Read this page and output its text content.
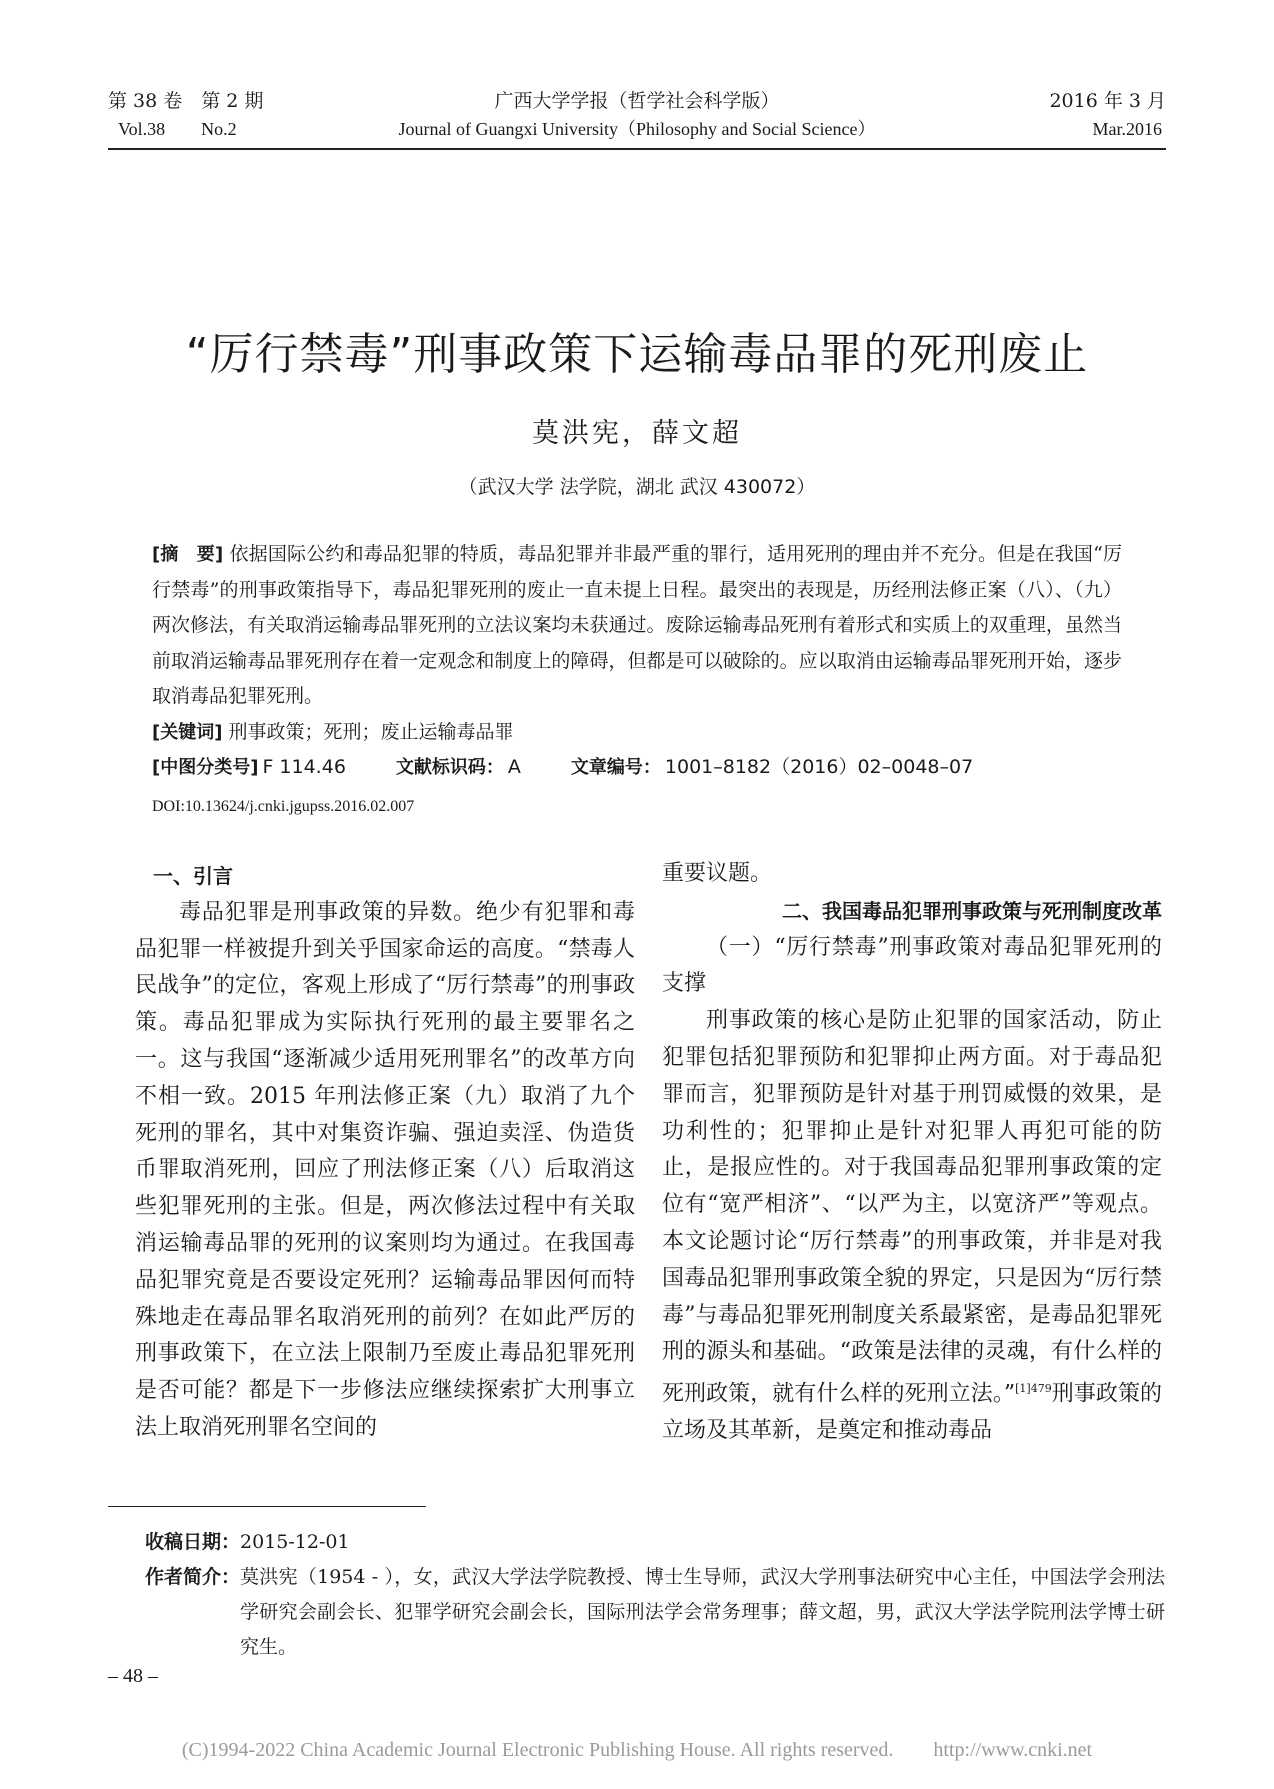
第 38 卷　第 2 期
Vol.38　　No.2
广西大学学报（哲学社会科学版）
Journal of Guangxi University（Philosophy and Social Science）
2016 年 3 月
Mar.2016
“厉行禁毒”刑事政策下运输毒品罪的死刑废止
莫洪宪，薛文超
（武汉大学 法学院，湖北 武汉 430072）

[摘　要] 依据国际公约和毒品犯罪的特质，毒品犯罪并非最严重的罪行，适用死刑的理由并不充分。但是在我国“厉行禁毒”的刑事政策指导下，毒品犯罪死刑的废止一直未提上日程。最突出的表现是，历经刑法修正案（八）、（九）两次修法，有关取消运输毒品罪死刑的立法议案均未获通过。废除运输毒品死刑有着形式和实质上的双重理，虽然当前取消运输毒品罪死刑存在着一定观念和制度上的障碍，但都是可以破除的。应以取消由运输毒品罪死刑开始，逐步取消毒品犯罪死刑。

[关键词] 刑事政策；死刑；废止运输毒品罪

[中图分类号] F 114.46	文献标识码： A	文章编号： 1001–8182（2016）02–0048–07

DOI:10.13624/j.cnki.jgupss.2016.02.007

一、引言

毒品犯罪是刑事政策的异数。绝少有犯罪和毒品犯罪一样被提升到关乎国家命运的高度。“禁毒人民战争”的定位，客观上形成了“厉行禁毒”的刑事政策。毒品犯罪成为实际执行死刑的最主要罪名之一。这与我国“逐渐减少适用死刑罪名”的改革方向不相一致。2015 年刑法修正案（九）取消了九个死刑的罪名，其中对集资诈骗、强迫卖淫、伪造货币罪取消死刑，回应了刑法修正案（八）后取消这些犯罪死刑的主张。但是，两次修法过程中有关取消运输毒品罪的死刑的议案则均为通过。在我国毒品犯罪究竟是否要设定死刑？运输毒品罪因何而特殊地走在毒品罪名取消死刑的前列？在如此严厉的刑事政策下，在立法上限制乃至废止毒品犯罪死刑是否可能？都是下一步修法应继续探索扩大刑事立法上取消死刑罪名空间的

重要议题。

二、我国毒品犯罪刑事政策与死刑制度改革

（一）“厉行禁毒”刑事政策对毒品犯罪死刑的支撑

刑事政策的核心是防止犯罪的国家活动，防止犯罪包括犯罪预防和犯罪抑止两方面。对于毒品犯罪而言，犯罪预防是针对基于刑罚威慑的效果，是功利性的；犯罪抑止是针对犯罪人再犯可能的防止，是报应性的。对于我国毒品犯罪刑事政策的定位有“宽严相济”、“以严为主，以宽济严”等观点。本文论题讨论“厉行禁毒”的刑事政策，并非是对我国毒品犯罪刑事政策全貌的界定，只是因为“厉行禁毒”与毒品犯罪死刑制度关系最紧密，是毒品犯罪死刑的源头和基础。“政策是法律的灵魂，有什么样的死刑政策，就有什么样的死刑立法。”$^{[1]479}$刑事政策的立场及其革新，是奠定和推动毒品

收稿日期： 2015-12-01
作者简介： 莫洪宪（1954 - ），女，武汉大学法学院教授、博士生导师，武汉大学刑事法研究中心主任，中国法学会刑法学研究会副会长、犯罪学研究会副会长，国际刑法学会常务理事；薛文超，男，武汉大学法学院刑法学博士研究生。
– 48 –
(C)1994-2022 China Academic Journal Electronic Publishing House. All rights reserved.　　http://www.cnki.net
